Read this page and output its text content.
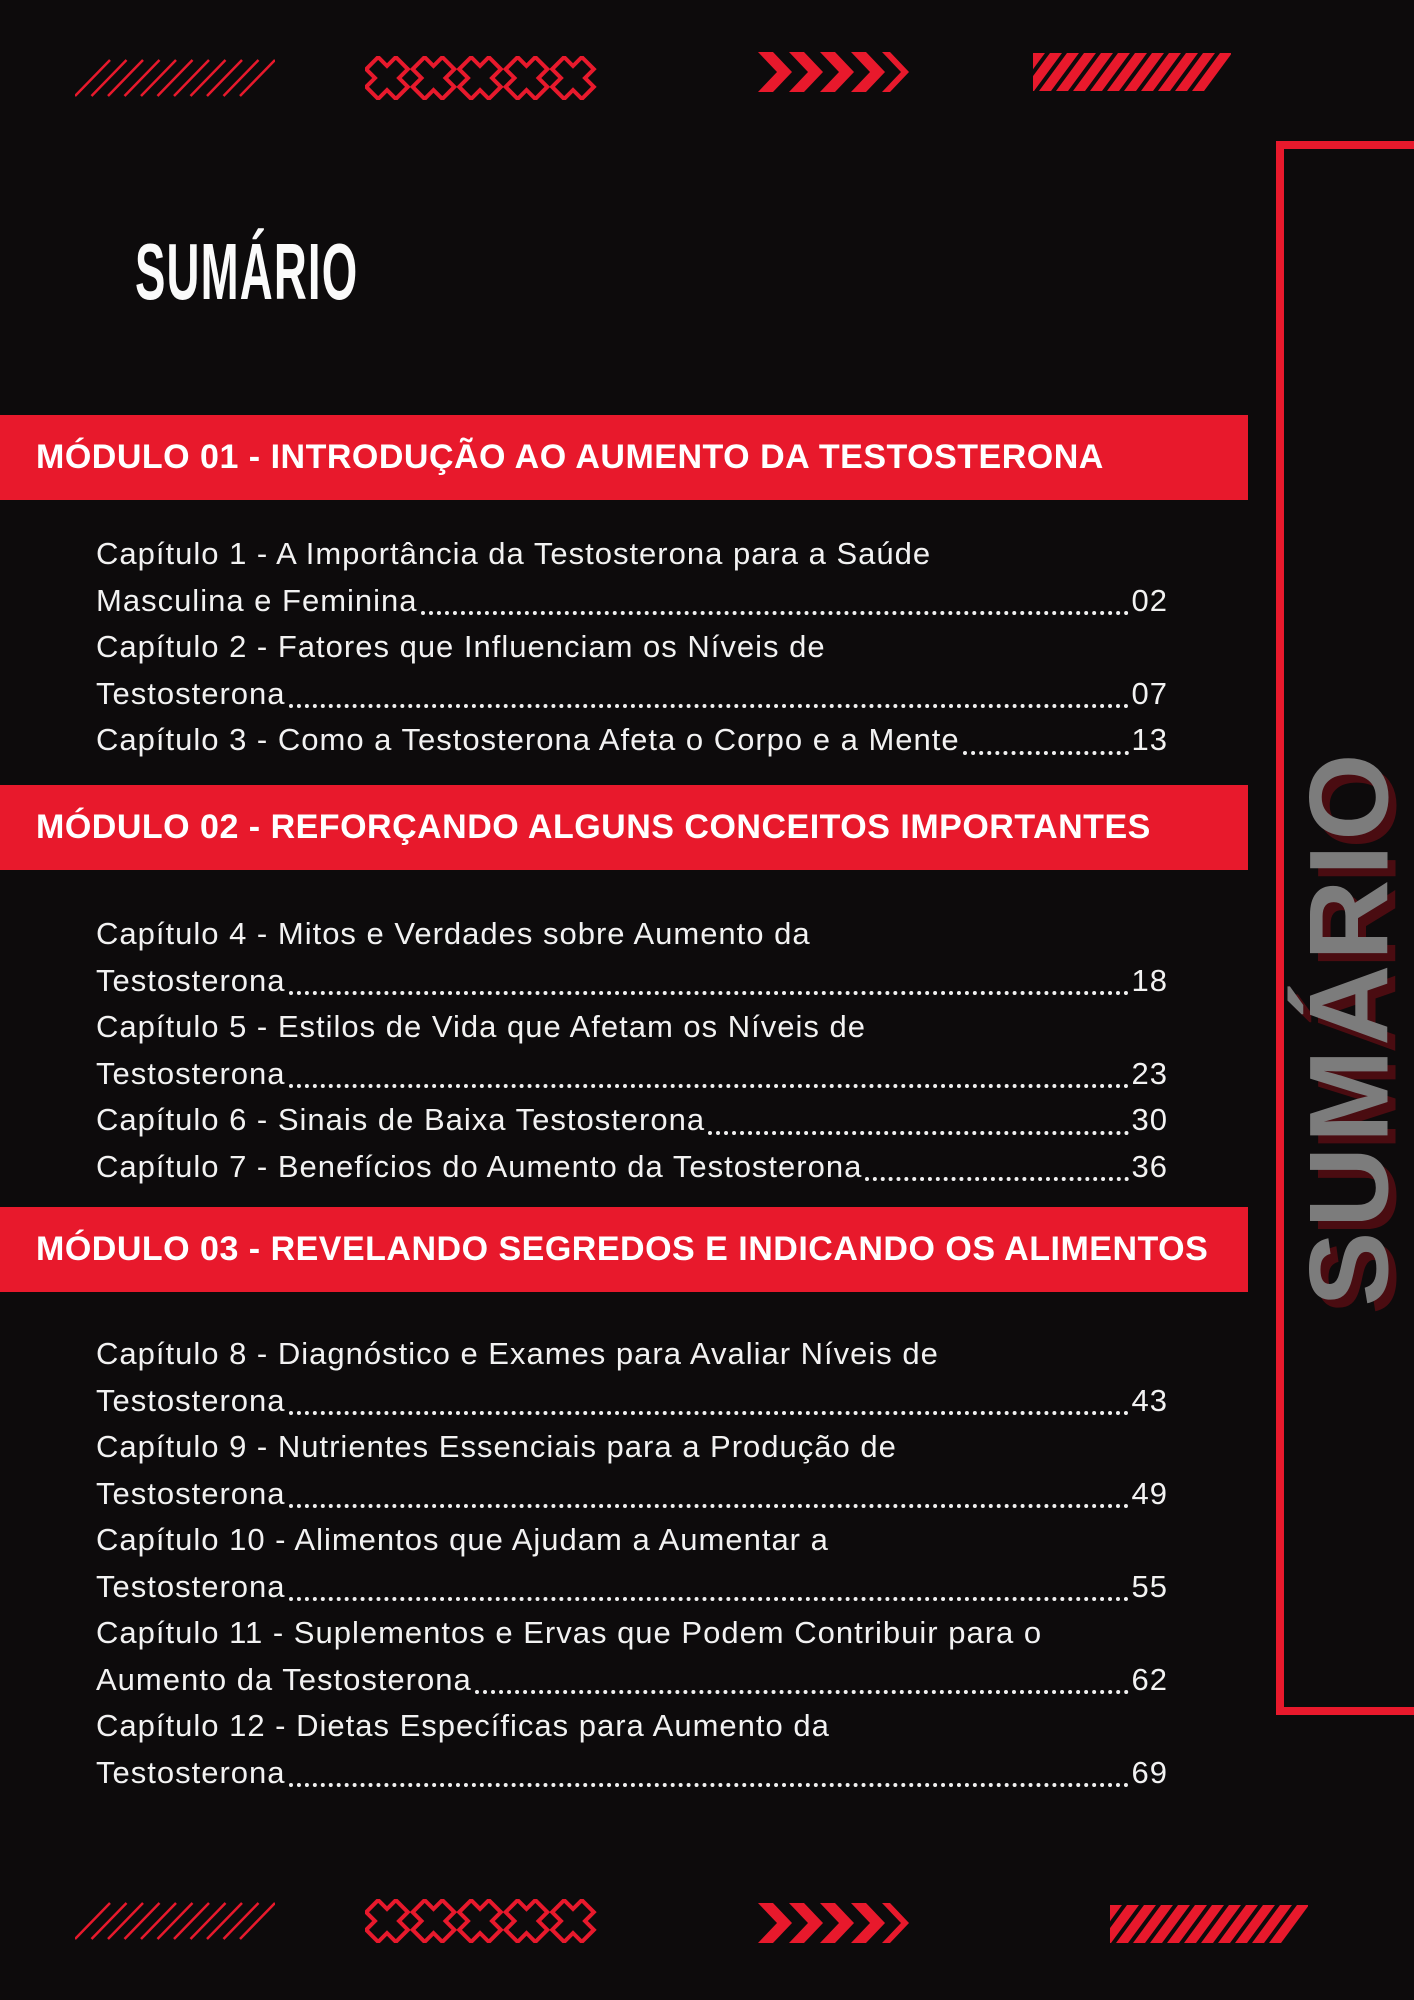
SUMÁRIO
SUMÁRIO
MÓDULO 01 - INTRODUÇÃO AO AUMENTO DA TESTOSTERONA
MÓDULO 02 - REFORÇANDO ALGUNS CONCEITOS IMPORTANTES
MÓDULO 03 - REVELANDO SEGREDOS E INDICANDO OS ALIMENTOS
Capítulo 1 - A Importância da Testosterona para a Saúde
Masculina e Feminina	02
Capítulo 2 - Fatores que Influenciam os Níveis de
Testosterona	07
Capítulo 3 - Como a Testosterona Afeta o Corpo e a Mente	13
Capítulo 4 - Mitos e Verdades sobre Aumento da
Testosterona	18
Capítulo 5 - Estilos de Vida que Afetam os Níveis de
Testosterona	23
Capítulo 6 - Sinais de Baixa Testosterona	30
Capítulo 7 - Benefícios do Aumento da Testosterona	36
Capítulo 8 - Diagnóstico e Exames para Avaliar Níveis de
Testosterona	43
Capítulo 9 - Nutrientes Essenciais para a Produção de
Testosterona	49
Capítulo 10 - Alimentos que Ajudam a Aumentar a
Testosterona	55
Capítulo 11 - Suplementos e Ervas que Podem Contribuir para o
Aumento da Testosterona	62
Capítulo 12 - Dietas Específicas para Aumento da
Testosterona	69
